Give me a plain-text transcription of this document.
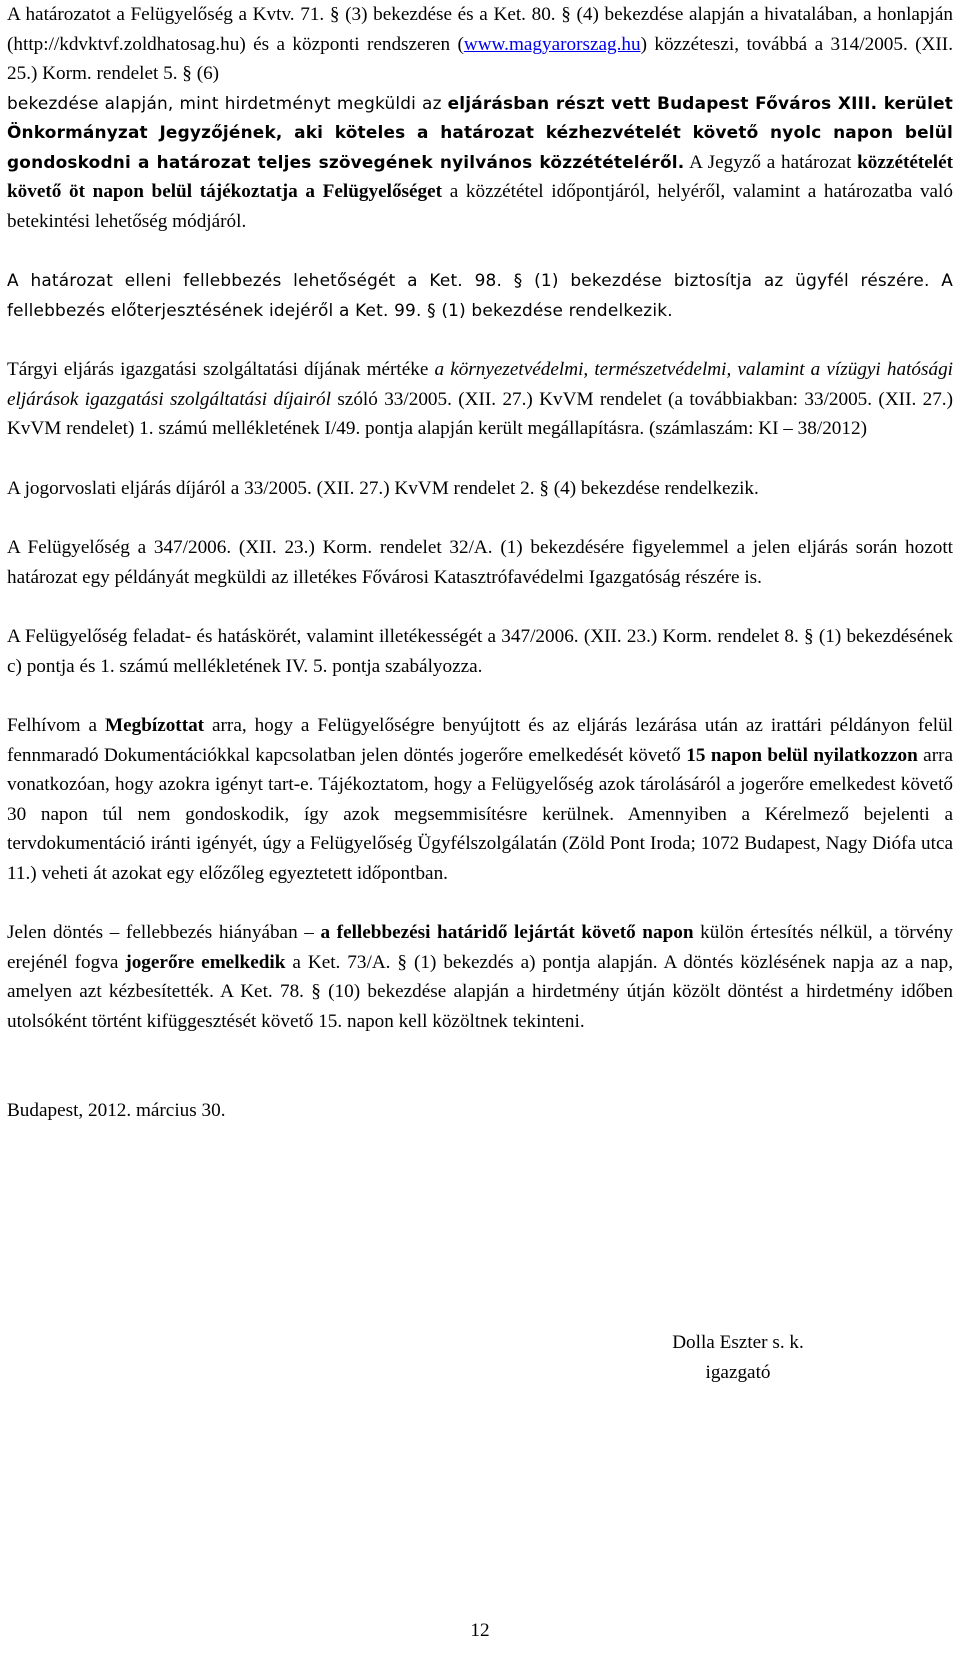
A határozatot a Felügyelőség a Kvtv. 71. § (3) bekezdése és a Ket. 80. § (4) bekezdése alapján a hivatalában, a honlapján (http://kdvktvf.zoldhatosag.hu) és a központi rendszeren (www.magyarorszag.hu) közzéteszi, továbbá a 314/2005. (XII. 25.) Korm. rendelet 5. § (6)
bekezdése alapján, mint hirdetményt megküldi az eljárásban részt vett Budapest Főváros XIII. kerület Önkormányzat Jegyzőjének, aki köteles a határozat kézhezvételét követő nyolc napon belül gondoskodni a határozat teljes szövegének nyilvános közzétételéről. A Jegyző a határozat közzétételét követő öt napon belül tájékoztatja a Felügyelőséget a közzététel időpontjáról, helyéről, valamint a határozatba való betekintési lehetőség módjáról.

A határozat elleni fellebbezés lehetőségét a Ket. 98. § (1) bekezdése biztosítja az ügyfél részére. A fellebbezés előterjesztésének idejéről a Ket. 99. § (1) bekezdése rendelkezik.

Tárgyi eljárás igazgatási szolgáltatási díjának mértéke a környezetvédelmi, természetvédelmi, valamint a vízügyi hatósági eljárások igazgatási szolgáltatási díjairól szóló 33/2005. (XII. 27.) KvVM rendelet (a továbbiakban: 33/2005. (XII. 27.) KvVM rendelet) 1. számú mellékletének I/49. pontja alapján került megállapításra. (számlaszám: KI – 38/2012)

A jogorvoslati eljárás díjáról a 33/2005. (XII. 27.) KvVM rendelet 2. § (4) bekezdése rendelkezik.

A Felügyelőség a 347/2006. (XII. 23.) Korm. rendelet 32/A. (1) bekezdésére figyelemmel a jelen eljárás során hozott határozat egy példányát megküldi az illetékes Fővárosi Katasztrófavédelmi Igazgatóság részére is.

A Felügyelőség feladat- és hatáskörét, valamint illetékességét a 347/2006. (XII. 23.) Korm. rendelet 8. § (1) bekezdésének c) pontja és 1. számú mellékletének IV. 5. pontja szabályozza.

Felhívom a Megbízottat arra, hogy a Felügyelőségre benyújtott és az eljárás lezárása után az irattári példányon felül fennmaradó Dokumentációkkal kapcsolatban jelen döntés jogerőre emelkedését követő 15 napon belül nyilatkozzon arra vonatkozóan, hogy azokra igényt tart-e. Tájékoztatom, hogy a Felügyelőség azok tárolásáról a jogerőre emelkedest követő 30 napon túl nem gondoskodik, így azok megsemmisítésre kerülnek. Amennyiben a Kérelmező bejelenti a tervdokumentáció iránti igényét, úgy a Felügyelőség Ügyfélszolgálatán (Zöld Pont Iroda; 1072 Budapest, Nagy Diófa utca 11.) veheti át azokat egy előzőleg egyeztetett időpontban.

Jelen döntés – fellebbezés hiányában – a fellebbezési határidő lejártát követő napon külön értesítés nélkül, a törvény erejénél fogva jogerőre emelkedik a Ket. 73/A. § (1) bekezdés a) pontja alapján. A döntés közlésének napja az a nap, amelyen azt kézbesítették. A Ket. 78. § (10) bekezdése alapján a hirdetmény útján közölt döntést a hirdetmény időben utolsóként történt kifüggesztését követő 15. napon kell közöltnek tekinteni.

Budapest, 2012. március 30.
Dolla Eszter s. k.
igazgató
12
